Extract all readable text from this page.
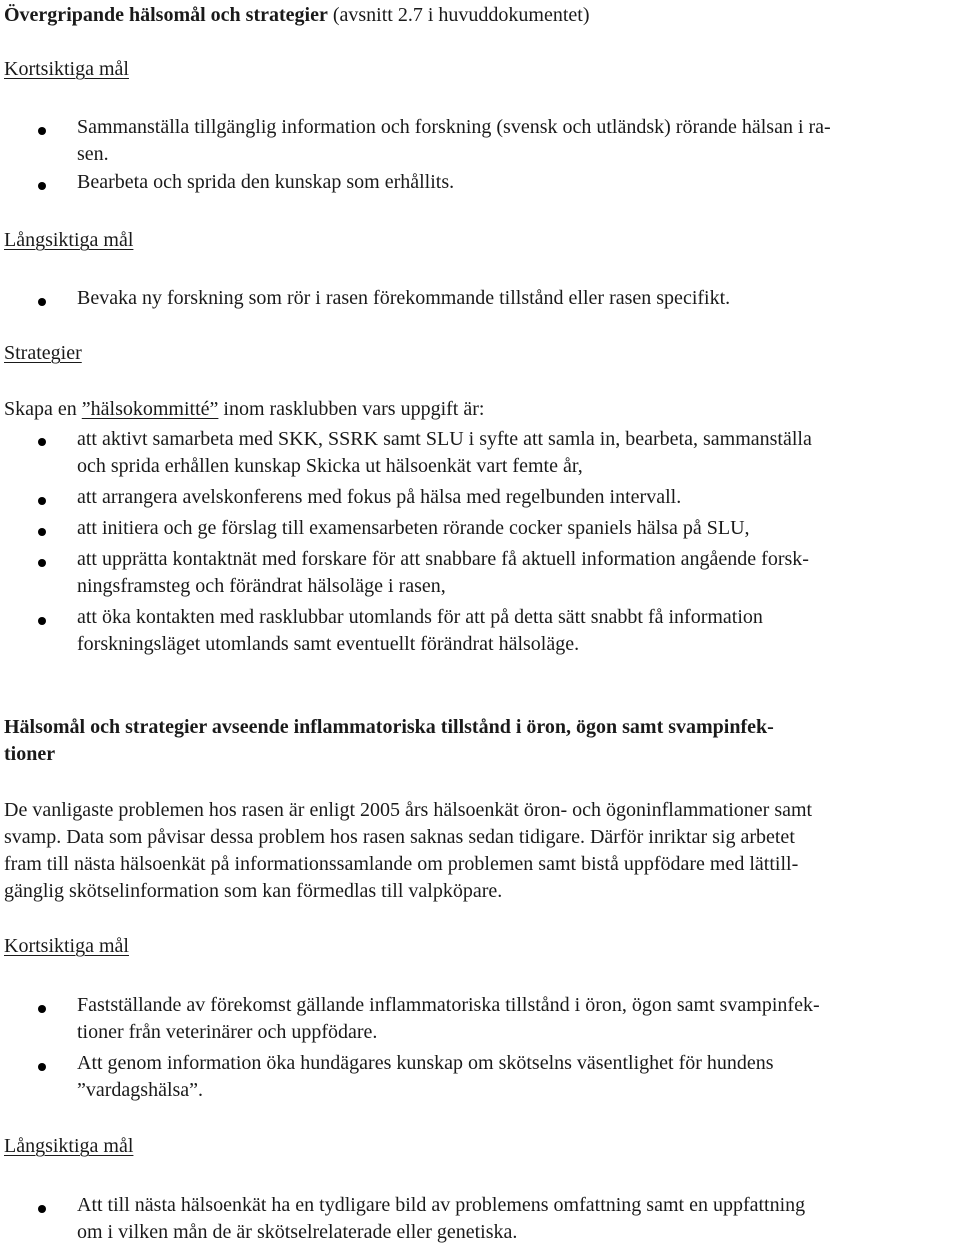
Övergripande hälsomål och strategier (avsnitt 2.7 i huvuddokumentet)
Kortsiktiga mål
Sammanställa tillgänglig information och forskning (svensk och utländsk) rörande hälsan i ra-
sen.
Bearbeta och sprida den kunskap som erhållits.
Långsiktiga mål
Bevaka ny forskning som rör i rasen förekommande tillstånd eller rasen specifikt.
Strategier
Skapa en ”hälsokommitté” inom rasklubben vars uppgift är:
att aktivt samarbeta med SKK, SSRK samt SLU i syfte att samla in, bearbeta, sammanställa
och sprida erhållen kunskap Skicka ut hälsoenkät vart femte år,
att arrangera avelskonferens med fokus på hälsa med regelbunden intervall.
att initiera och ge förslag till examensarbeten rörande cocker spaniels hälsa på SLU,
att upprätta kontaktnät med forskare för att snabbare få aktuell information angående forsk-
ningsframsteg och förändrat hälsoläge i rasen,
att öka kontakten med rasklubbar utomlands för att på detta sätt snabbt få information
forskningsläget utomlands samt eventuellt förändrat hälsoläge.
Hälsomål och strategier avseende inflammatoriska tillstånd i öron, ögon samt svampinfek-
tioner
De vanligaste problemen hos rasen är enligt 2005 års hälsoenkät öron- och ögoninflammationer samt
svamp. Data som påvisar dessa problem hos rasen saknas sedan tidigare. Därför inriktar sig arbetet
fram till nästa hälsoenkät på informationssamlande om problemen samt bistå uppfödare med lättill-
gänglig skötselinformation som kan förmedlas till valpköpare.
Kortsiktiga mål
Fastställande av förekomst gällande inflammatoriska tillstånd i öron, ögon samt svampinfek-
tioner från veterinärer och uppfödare.
Att genom information öka hundägares kunskap om skötselns väsentlighet för hundens
”vardagshälsa”.
Långsiktiga mål
Att till nästa hälsoenkät ha en tydligare bild av problemens omfattning samt en uppfattning
om i vilken mån de är skötselrelaterade eller genetiska.
